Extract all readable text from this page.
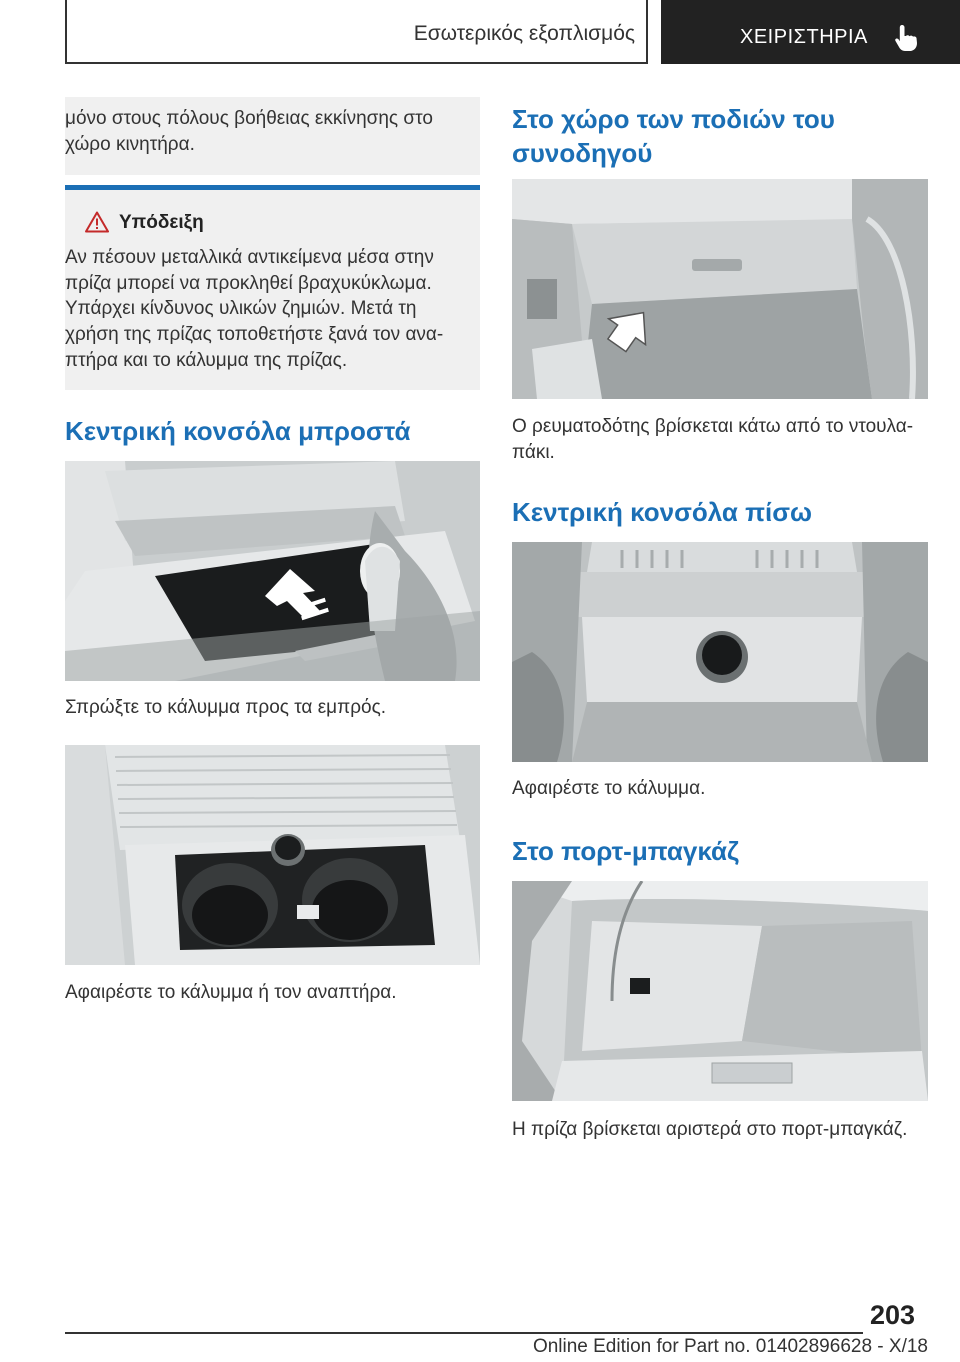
Εσωτερικός εξοπλισμός	ΧΕΙΡΙΣΤΗΡΙΑ
μόνο στους πόλους βοήθειας εκκίνησης στο χώρο κινητήρα.
Υπόδειξη
Αν πέσουν μεταλλικά αντικείμενα μέσα στην πρίζα μπορεί να προκληθεί βραχυκύκλωμα. Υπάρχει κίνδυνος υλικών ζημιών. Μετά τη χρήση της πρίζας τοποθετήστε ξανά τον ανα-πτήρα και το κάλυμμα της πρίζας.
Κεντρική κονσόλα μπροστά
Σπρώξτε το κάλυμμα προς τα εμπρός.
Αφαιρέστε το κάλυμμα ή τον αναπτήρα.
Στο χώρο των ποδιών του συνοδηγού
Ο ρευματοδότης βρίσκεται κάτω από το ντουλα-πάκι.
Κεντρική κονσόλα πίσω
Αφαιρέστε το κάλυμμα.
Στο πορτ-μπαγκάζ
Η πρίζα βρίσκεται αριστερά στο πορτ-μπαγκάζ.
203
Online Edition for Part no. 01402896628 - X/18
